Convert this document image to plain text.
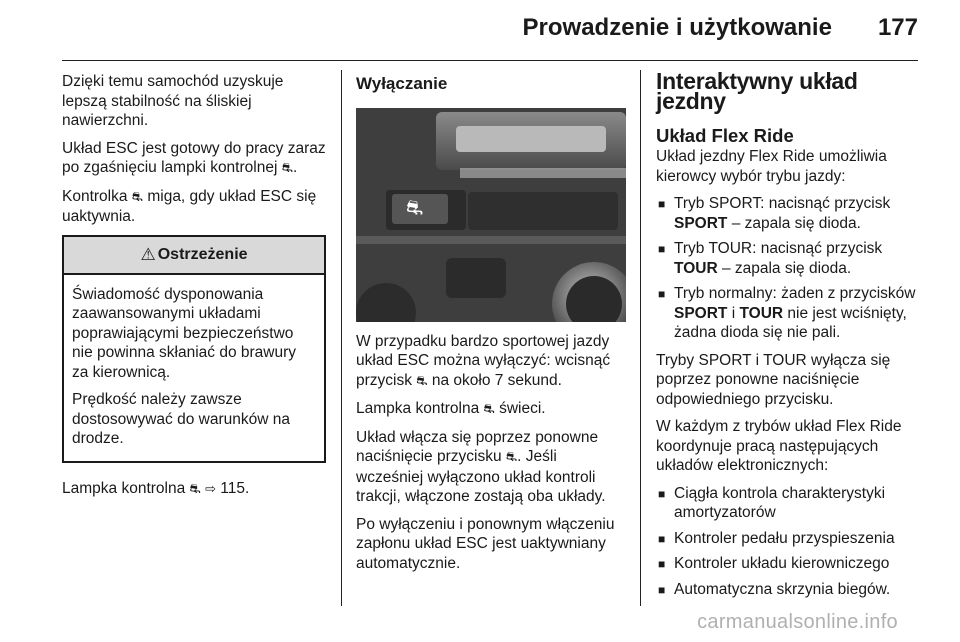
Prowadzenie i użytkowanie 177

Dzięki temu samochód uzyskuje lepszą stabilność na śliskiej nawierzchni.

Układ ESC jest gotowy do pracy zaraz po zgaśnięciu lampki kontrolnej ⛐.

Kontrolka ⛐ miga, gdy układ ESC się uaktywnia.

⚠ Ostrzeżenie

Świadomość dysponowania zaawansowanymi układami poprawiającymi bezpieczeństwo nie powinna skłaniać do brawury za kierownicą.

Prędkość należy zawsze dostosowywać do warunków na drodze.

Lampka kontrolna ⛐ ⇨ 115.

Wyłączanie
⛐

W przypadku bardzo sportowej jazdy układ ESC można wyłączyć: wcisnąć przycisk ⛐ na około 7 sekund.

Lampka kontrolna ⛐ świeci.

Układ włącza się poprzez ponowne naciśnięcie przycisku ⛐. Jeśli wcześniej wyłączono układ kontroli trakcji, włączone zostają oba układy.

Po wyłączeniu i ponownym włączeniu zapłonu układ ESC jest uaktywniany automatycznie.

Interaktywny układ jezdny
Układ Flex Ride

Układ jezdny Flex Ride umożliwia kierowcy wybór trybu jazdy:

■ Tryb SPORT: nacisnąć przycisk SPORT – zapala się dioda.
■ Tryb TOUR: nacisnąć przycisk TOUR – zapala się dioda.
■ Tryb normalny: żaden z przycisków SPORT i TOUR nie jest wciśnięty, żadna dioda się nie pali.

Tryby SPORT i TOUR wyłącza się poprzez ponowne naciśnięcie odpowiedniego przycisku.

W każdym z trybów układ Flex Ride koordynuje pracą następujących układów elektronicznych:

■ Ciągła kontrola charakterystyki amortyzatorów
■ Kontroler pedału przyspieszenia
■ Kontroler układu kierowniczego
■ Automatyczna skrzynia biegów.
carmanualsonline.info
